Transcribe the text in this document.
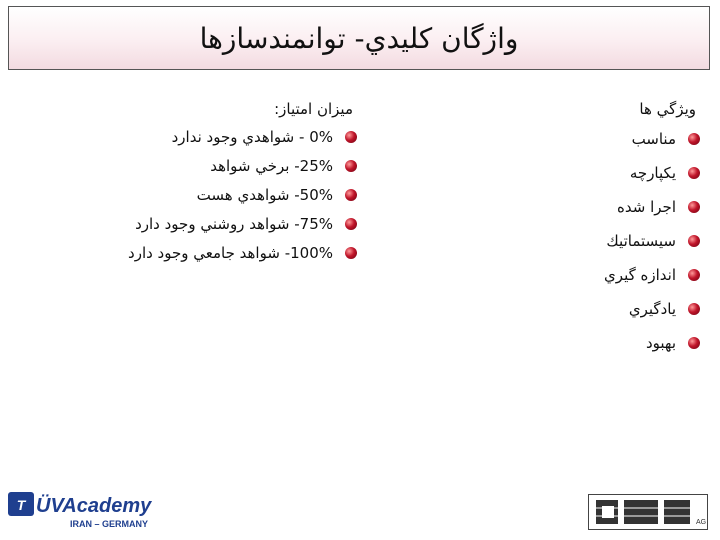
واژگان کليدي- توانمندسازها
ويژگي ها
مناسب
يکپارچه
اجرا شده
سيستماتيك
اندازه گيري
يادگيري
بهبود
ميزان امتياز:
0% - شواهدي وجود ندارد
25%- برخي شواهد
50%- شواهدي هست
75%- شواهد روشني وجود دارد
100%- شواهد جامعي وجود دارد
T ÜVAcademy
IRAN – GERMANY	AG
